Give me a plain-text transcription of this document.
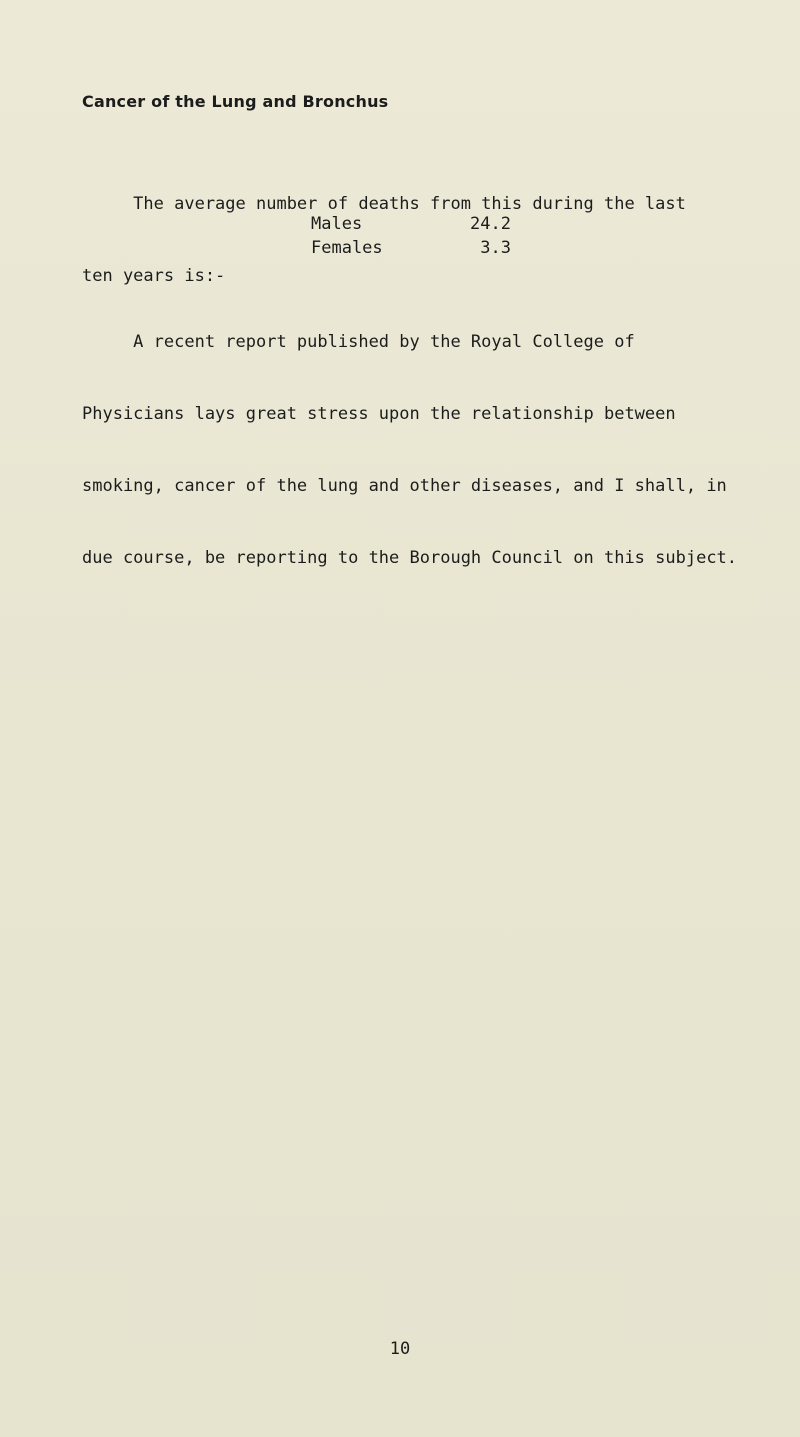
Cancer of the Lung and Bronchus

The average number of deaths from this during the last

ten years is:-

Males	24.2
Females	3.3

A recent report published by the Royal College of

Physicians lays great stress upon the relationship between

smoking, cancer of the lung and other diseases, and I shall, in

due course, be reporting to the Borough Council on this subject.

10
